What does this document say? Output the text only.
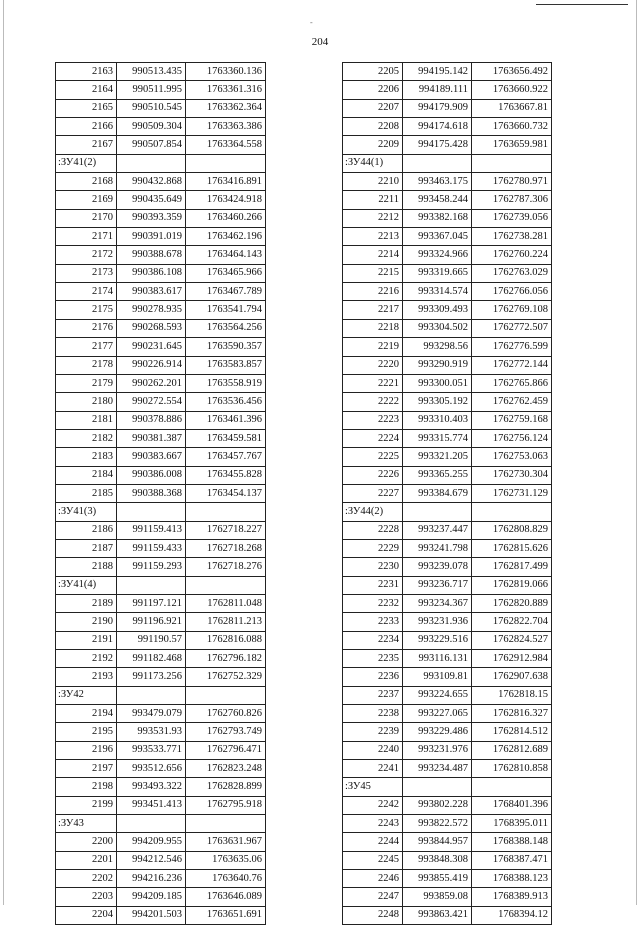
-
204
2163	990513.435	1763360.136
2164	990511.995	1763361.316
2165	990510.545	1763362.364
2166	990509.304	1763363.386
2167	990507.854	1763364.558
:ЗУ41(2)		
2168	990432.868	1763416.891
2169	990435.649	1763424.918
2170	990393.359	1763460.266
2171	990391.019	1763462.196
2172	990388.678	1763464.143
2173	990386.108	1763465.966
2174	990383.617	1763467.789
2175	990278.935	1763541.794
2176	990268.593	1763564.256
2177	990231.645	1763590.357
2178	990226.914	1763583.857
2179	990262.201	1763558.919
2180	990272.554	1763536.456
2181	990378.886	1763461.396
2182	990381.387	1763459.581
2183	990383.667	1763457.767
2184	990386.008	1763455.828
2185	990388.368	1763454.137
:ЗУ41(3)		
2186	991159.413	1762718.227
2187	991159.433	1762718.268
2188	991159.293	1762718.276
:ЗУ41(4)		
2189	991197.121	1762811.048
2190	991196.921	1762811.213
2191	991190.57	1762816.088
2192	991182.468	1762796.182
2193	991173.256	1762752.329
:ЗУ42		
2194	993479.079	1762760.826
2195	993531.93	1762793.749
2196	993533.771	1762796.471
2197	993512.656	1762823.248
2198	993493.322	1762828.899
2199	993451.413	1762795.918
:ЗУ43		
2200	994209.955	1763631.967
2201	994212.546	1763635.06
2202	994216.236	1763640.76
2203	994209.185	1763646.089
2204	994201.503	1763651.691
2205	994195.142	1763656.492
2206	994189.111	1763660.922
2207	994179.909	1763667.81
2208	994174.618	1763660.732
2209	994175.428	1763659.981
:ЗУ44(1)		
2210	993463.175	1762780.971
2211	993458.244	1762787.306
2212	993382.168	1762739.056
2213	993367.045	1762738.281
2214	993324.966	1762760.224
2215	993319.665	1762763.029
2216	993314.574	1762766.056
2217	993309.493	1762769.108
2218	993304.502	1762772.507
2219	993298.56	1762776.599
2220	993290.919	1762772.144
2221	993300.051	1762765.866
2222	993305.192	1762762.459
2223	993310.403	1762759.168
2224	993315.774	1762756.124
2225	993321.205	1762753.063
2226	993365.255	1762730.304
2227	993384.679	1762731.129
:ЗУ44(2)		
2228	993237.447	1762808.829
2229	993241.798	1762815.626
2230	993239.078	1762817.499
2231	993236.717	1762819.066
2232	993234.367	1762820.889
2233	993231.936	1762822.704
2234	993229.516	1762824.527
2235	993116.131	1762912.984
2236	993109.81	1762907.638
2237	993224.655	1762818.15
2238	993227.065	1762816.327
2239	993229.486	1762814.512
2240	993231.976	1762812.689
2241	993234.487	1762810.858
:ЗУ45		
2242	993802.228	1768401.396
2243	993822.572	1768395.011
2244	993844.957	1768388.148
2245	993848.308	1768387.471
2246	993855.419	1768388.123
2247	993859.08	1768389.913
2248	993863.421	1768394.12
